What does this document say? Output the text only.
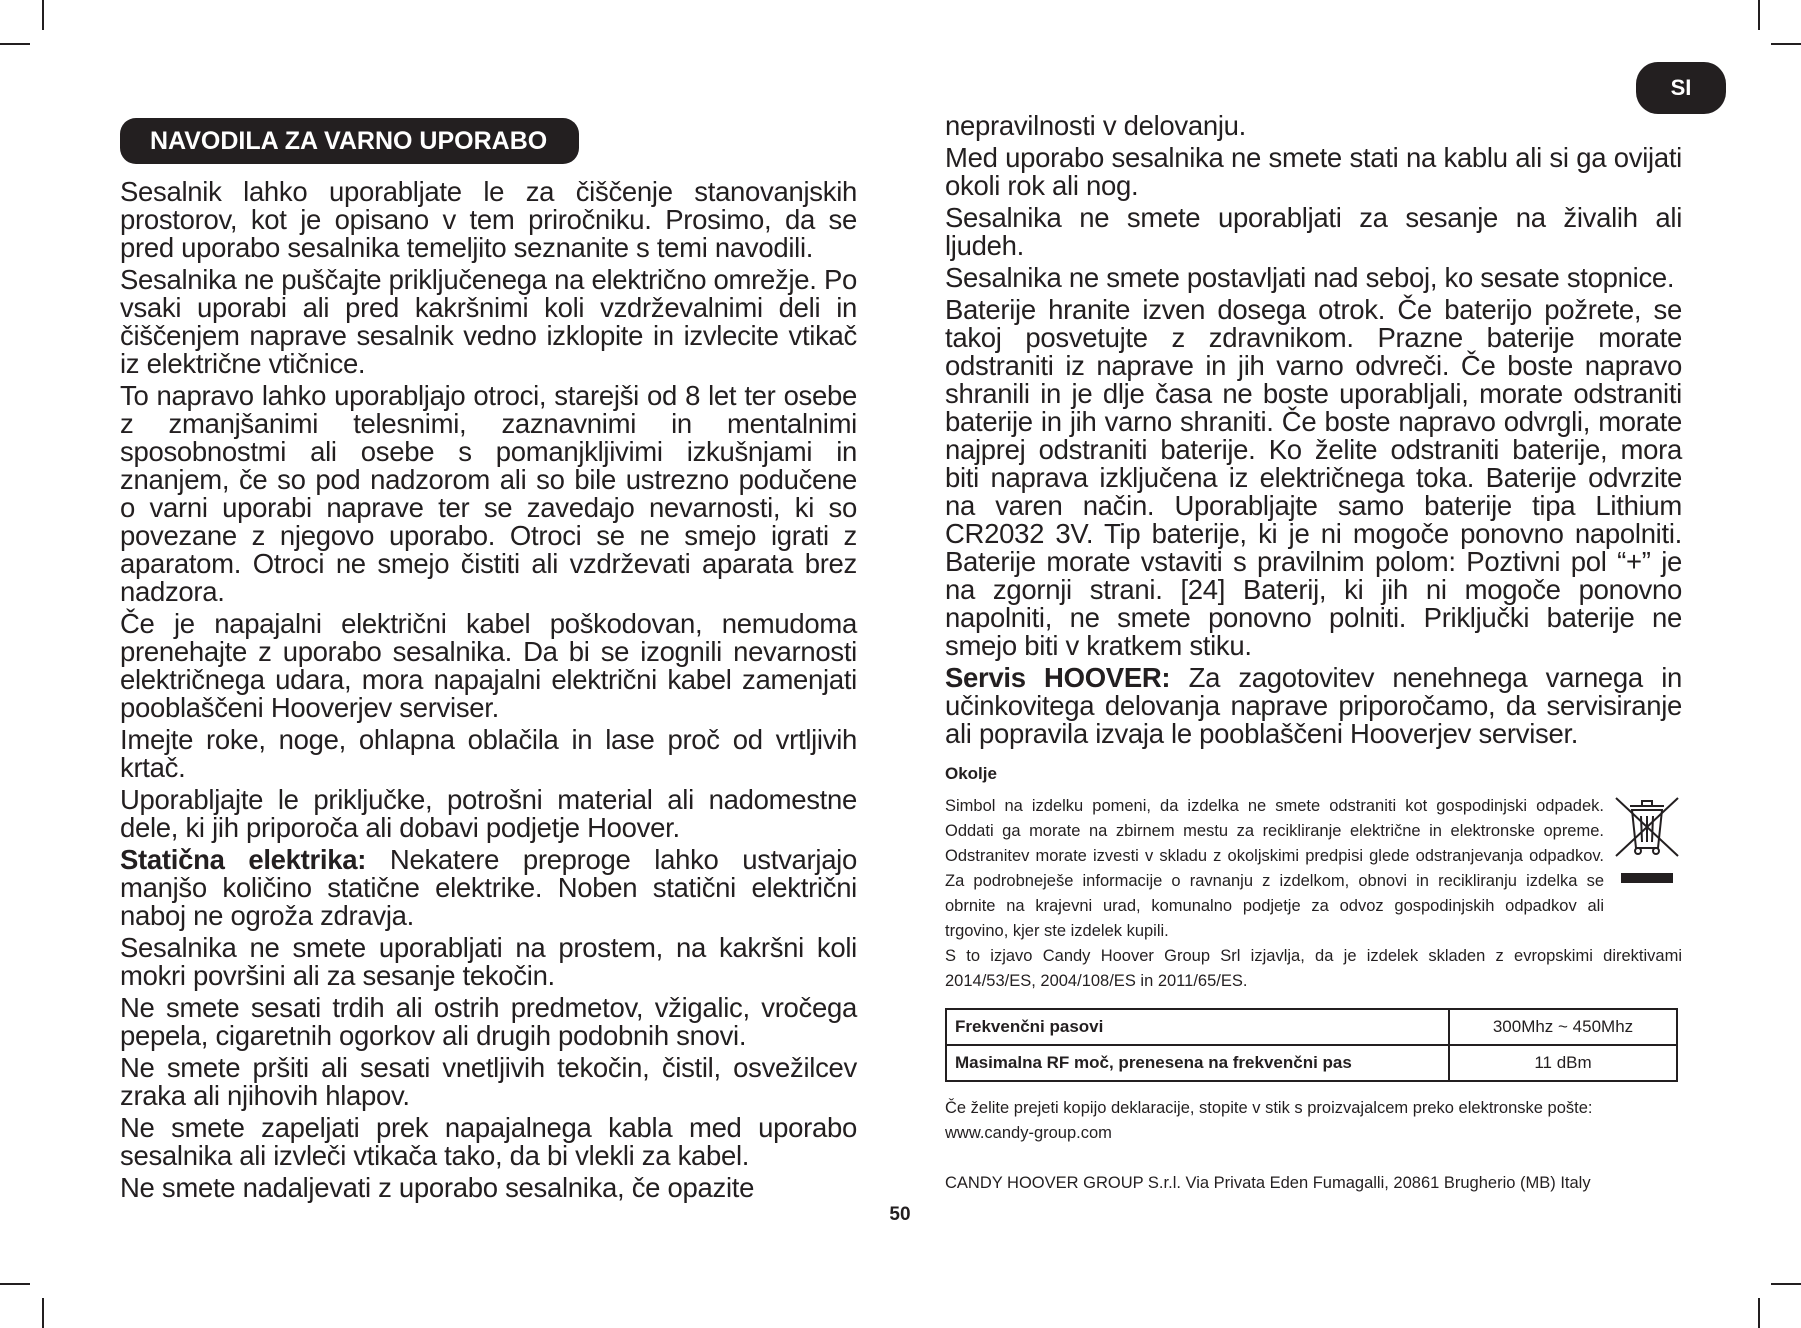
SI
NAVODILA ZA VARNO UPORABO

Sesalnik lahko uporabljate le za čiščenje stanovanjskih prostorov, kot je opisano v tem priročniku. Prosimo, da se pred uporabo sesalnika temeljito seznanite s temi navodili.

Sesalnika ne puščajte priključenega na električno omrežje. Po vsaki uporabi ali pred kakršnimi koli vzdrževalnimi deli in čiščenjem naprave sesalnik vedno izklopite in izvlecite vtikač iz električne vtičnice.

To napravo lahko uporabljajo otroci, starejši od 8 let ter osebe z zmanjšanimi telesnimi, zaznavnimi in mentalnimi sposobnostmi ali osebe s pomanjkljivimi izkušnjami in znanjem, če so pod nadzorom ali so bile ustrezno podučene o varni uporabi naprave ter se zavedajo nevarnosti, ki so povezane z njegovo uporabo. Otroci se ne smejo igrati z aparatom. Otroci ne smejo čistiti ali vzdrževati aparata brez nadzora.

Če je napajalni električni kabel poškodovan, nemudoma prenehajte z uporabo sesalnika. Da bi se izognili nevarnosti električnega udara, mora napajalni električni kabel zamenjati pooblaščeni Hooverjev serviser.

Imejte roke, noge, ohlapna oblačila in lase proč od vrtljivih krtač.

Uporabljajte le priključke, potrošni material ali nadomestne dele, ki jih priporoča ali dobavi podjetje Hoover.

Statična elektrika: Nekatere preproge lahko ustvarjajo manjšo količino statične elektrike. Noben statični električni naboj ne ogroža zdravja.

Sesalnika ne smete uporabljati na prostem, na kakršni koli mokri površini ali za sesanje tekočin.

Ne smete sesati trdih ali ostrih predmetov, vžigalic, vročega pepela, cigaretnih ogorkov ali drugih podobnih snovi.

Ne smete pršiti ali sesati vnetljivih tekočin, čistil, osvežilcev zraka ali njihovih hlapov.

Ne smete zapeljati prek napajalnega kabla med uporabo sesalnika ali izvleči vtikača tako, da bi vlekli za kabel.

Ne smete nadaljevati z uporabo sesalnika, če opazite

nepravilnosti v delovanju.

Med uporabo sesalnika ne smete stati na kablu ali si ga ovijati okoli rok ali nog.

Sesalnika ne smete uporabljati za sesanje na živalih ali ljudeh.

Sesalnika ne smete postavljati nad seboj, ko sesate stopnice.

Baterije hranite izven dosega otrok. Če baterijo požrete, se takoj posvetujte z zdravnikom. Prazne baterije morate odstraniti iz naprave in jih varno odvreči. Če boste napravo shranili in je dlje časa ne boste uporabljali, morate odstraniti baterije in jih varno shraniti. Če boste napravo odvrgli, morate najprej odstraniti baterije. Ko želite odstraniti baterije, mora biti naprava izključena iz električnega toka. Baterije odvrzite na varen način. Uporabljajte samo baterije tipa Lithium CR2032 3V. Tip baterije, ki je ni mogoče ponovno napolniti. Baterije morate vstaviti s pravilnim polom: Poztivni pol “+” je na zgornji strani. [24] Baterij, ki jih ni mogoče ponovno napolniti, ne smete ponovno polniti. Priključki baterije ne smejo biti v kratkem stiku.

Servis HOOVER: Za zagotovitev nenehnega varnega in učinkovitega delovanja naprave priporočamo, da servisiranje ali popravila izvaja le pooblaščeni Hooverjev serviser.

Okolje

Simbol na izdelku pomeni, da izdelka ne smete odstraniti kot gospodinjski odpadek. Oddati ga morate na zbirnem mestu za recikliranje električne in elektronske opreme. Odstranitev morate izvesti v skladu z okoljskimi predpisi glede odstranjevanja odpadkov. Za podrobneješe informacije o ravnanju z izdelkom, obnovi in recikliranju izdelka se obrnite na krajevni urad, komunalno podjetje za odvoz gospodinjskih odpadkov ali trgovino, kjer ste izdelek kupili.

S to izjavo Candy Hoover Group Srl izjavlja, da je izdelek skladen z evropskimi direktivami 2014/53/ES, 2004/108/ES in 2011/65/ES.

Frekvenčni pasovi	300Mhz ~ 450Mhz
Masimalna RF moč, prenesena na frekvenčni pas	11 dBm
Če želite prejeti kopijo deklaracije, stopite v stik s proizvajalcem preko elektronske pošte: www.candy-group.com
CANDY HOOVER GROUP S.r.l. Via Privata Eden Fumagalli, 20861 Brugherio (MB) Italy
50
